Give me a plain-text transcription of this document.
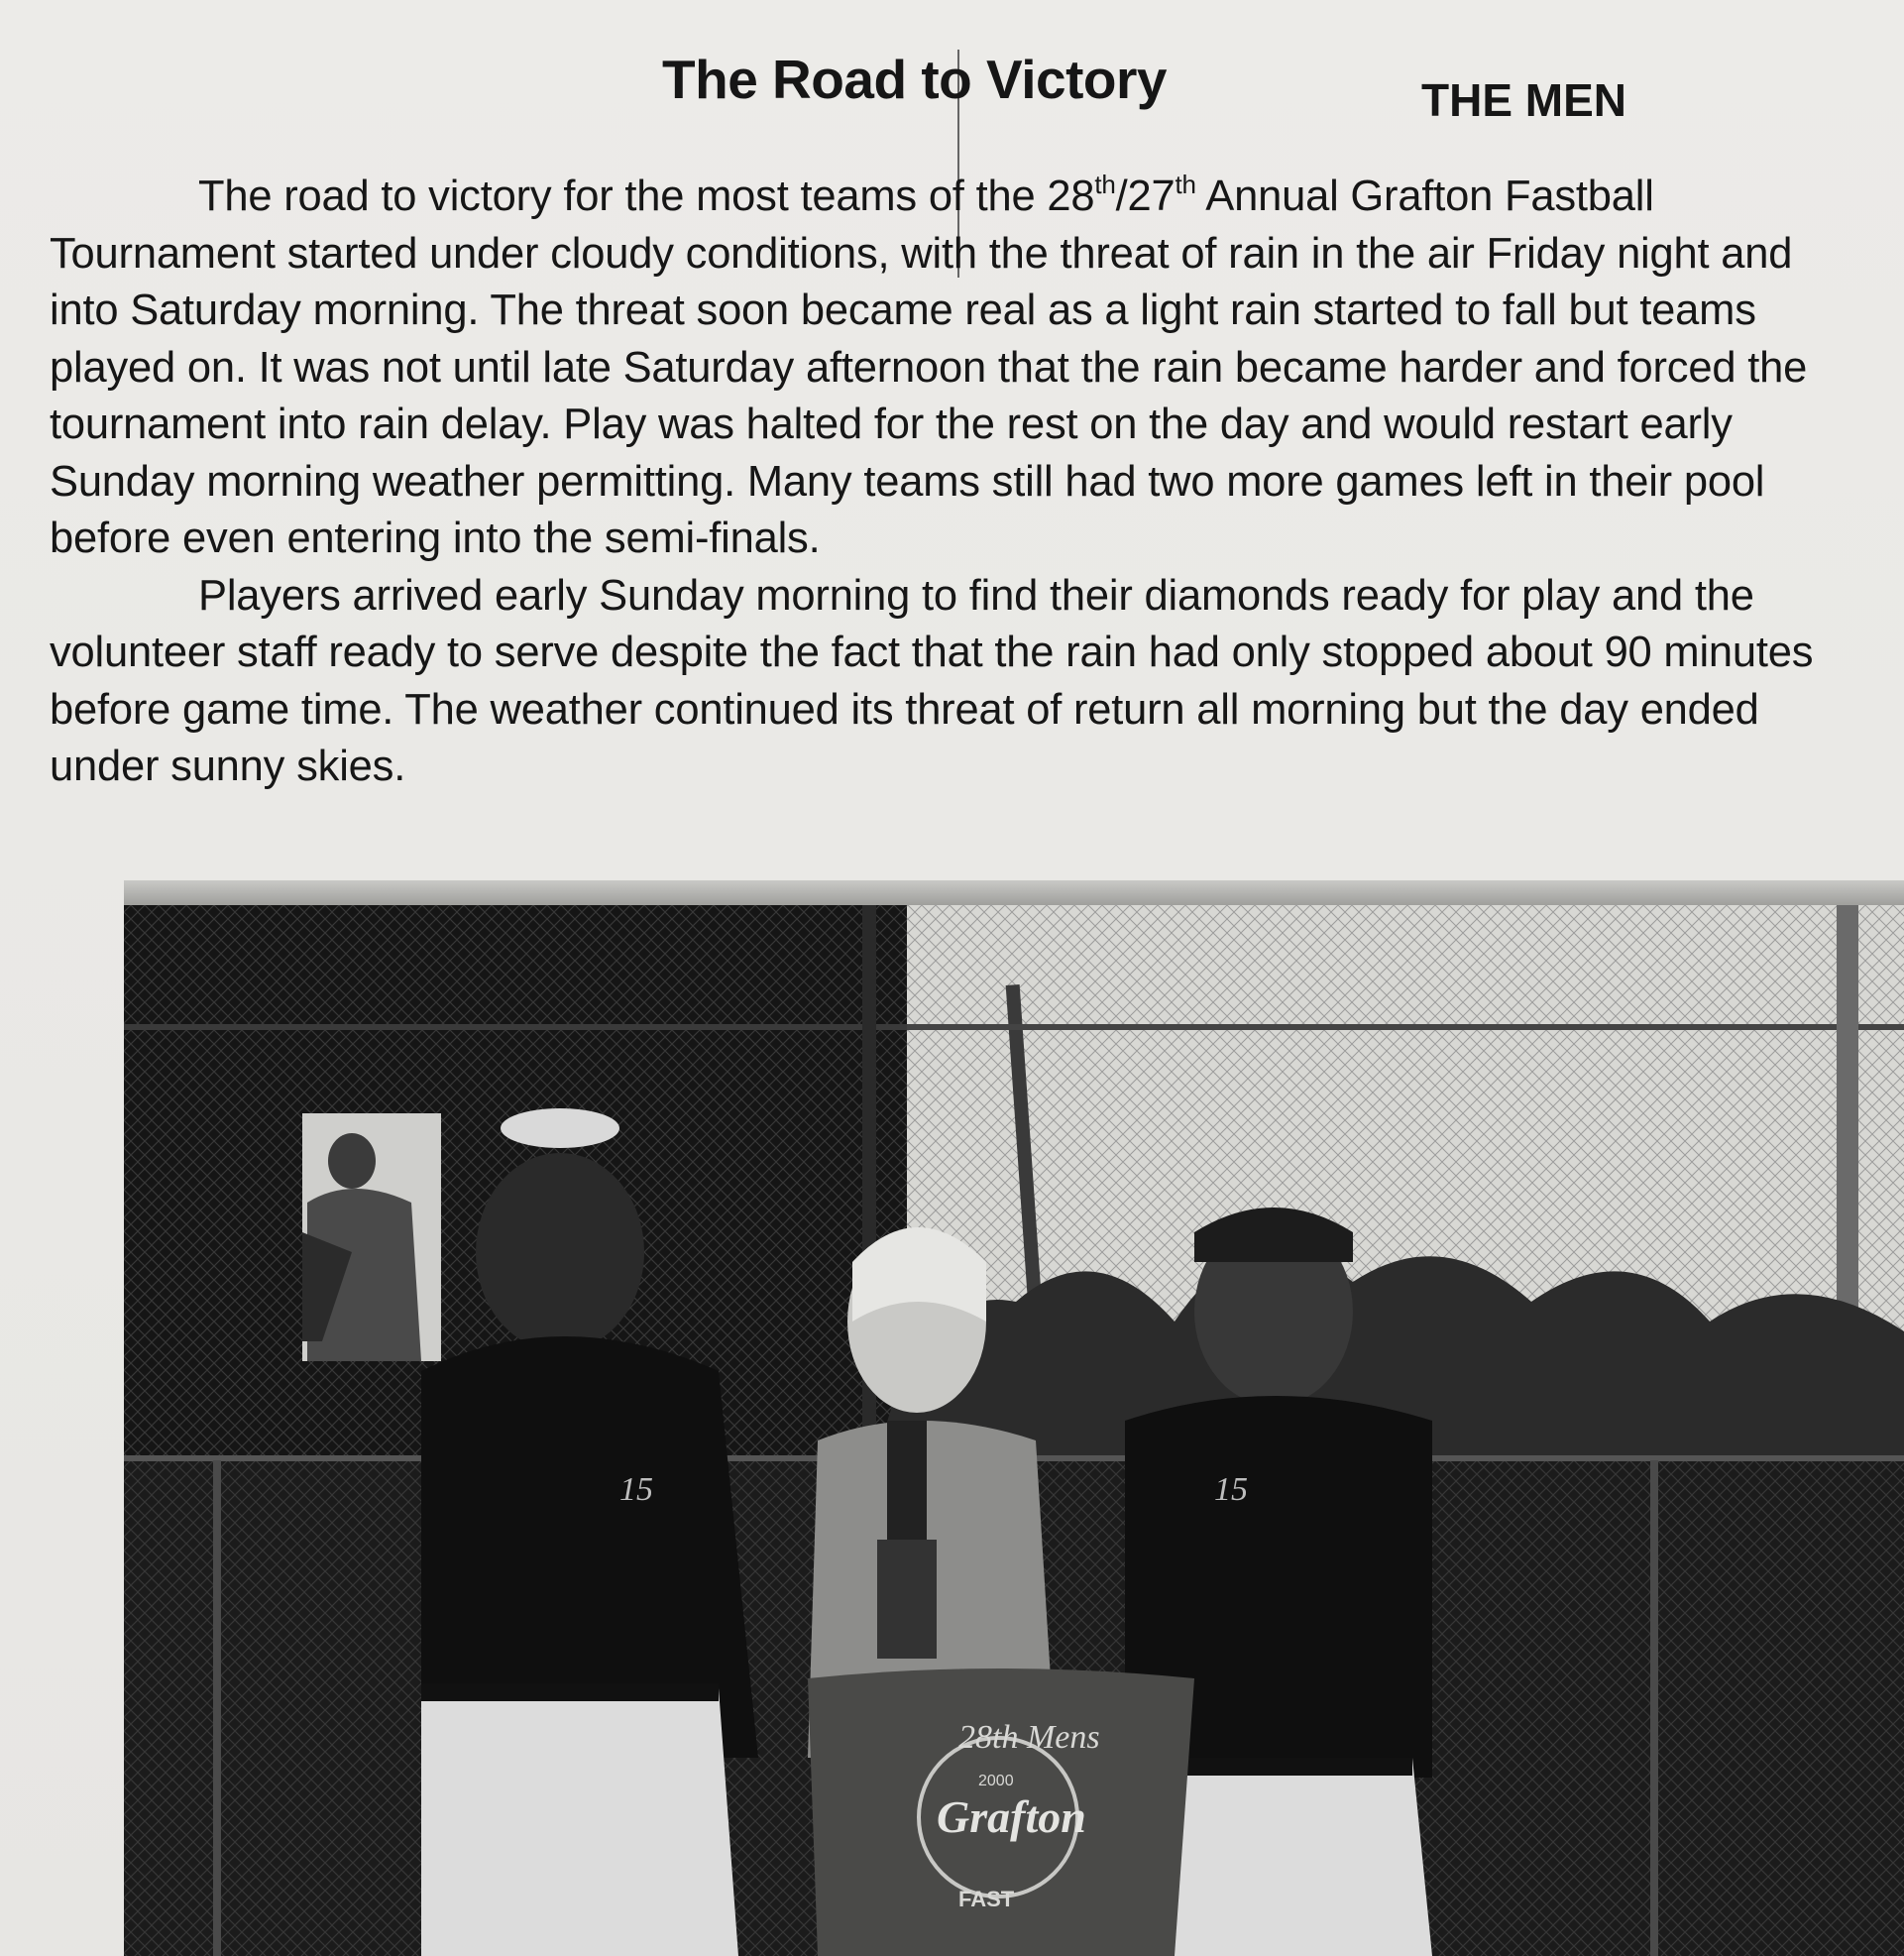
The Road to Victory	THE MEN

The road to victory for the most teams of the 28th/27th Annual Grafton Fastball Tournament started under cloudy conditions, with the threat of rain in the air Friday night and into Saturday morning. The threat soon became real as a light rain started to fall but teams played on. It was not until late Saturday afternoon that the rain became harder and forced the tournament into rain delay. Play was halted for the rest on the day and would restart early Sunday morning weather permitting. Many teams still had two more games left in their pool before even entering into the semi-finals.

Players arrived early Sunday morning to find their diamonds ready for play and the volunteer staff ready to serve despite the fact that the rain had only stopped about 90 minutes before game time. The weather continued its threat of return all morning but the day ended under sunny skies.

15	15
28th Mens
2000
Grafton
FAST
